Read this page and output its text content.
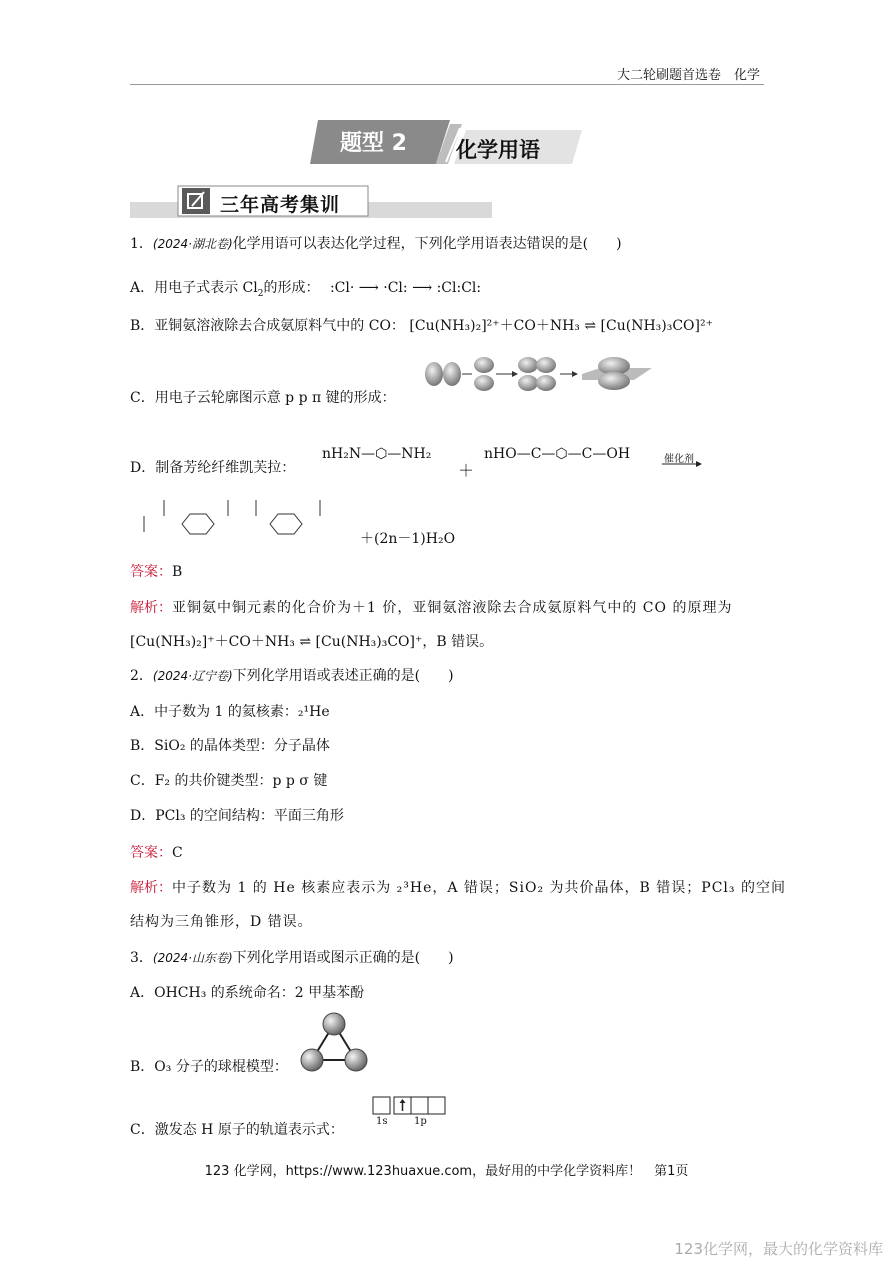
大二轮刷题首选卷　化学
题型 2 化学用语
三年高考集训
1．(2024·湖北卷)化学用语可以表达化学过程，下列化学用语表达错误的是(　　)
A．用电子式表示 $Cl_2$的形成： :Cl· ⟶ ·Cl: ⟶ :Cl:Cl:
B．亚铜氨溶液除去合成氨原料气中的 CO： [Cu(NH₃)₂]²⁺＋CO＋NH₃ ⇌ [Cu(NH₃)₃CO]²⁺
C．用电子云轮廓图示意 p p π 键的形成：
D．制备芳纶纤维凯芙拉：
nH₂N—⬡—NH₂
＋
nHO—C—⬡—C—OH	催化剂
＋(2n－1)H₂O
答案：B
解析：亚铜氨中铜元素的化合价为＋1 价，亚铜氨溶液除去合成氨原料气中的 CO 的原理为
[Cu(NH₃)₂]⁺＋CO＋NH₃ ⇌ [Cu(NH₃)₃CO]⁺，B 错误。
2．(2024·辽宁卷)下列化学用语或表述正确的是(　　)
A．中子数为 1 的氦核素：₂¹He
B．SiO₂ 的晶体类型：分子晶体
C．F₂ 的共价键类型：p p σ 键
D．PCl₃ 的空间结构：平面三角形
答案：C
解析：中子数为 1 的 He 核素应表示为 ₂³He，A 错误；SiO₂ 为共价晶体，B 错误；PCl₃ 的空间
结构为三角锥形，D 错误。
3．(2024·山东卷)下列化学用语或图示正确的是(　　)
A．OHCH₃ 的系统命名：2 甲基苯酚
B．O₃ 分子的球棍模型：
C．激发态 H 原子的轨道表示式：
1s	1p
123 化学网，https://www.123huaxue.com，最好用的中学化学资料库！　第1页
123化学网，最大的化学资料库
